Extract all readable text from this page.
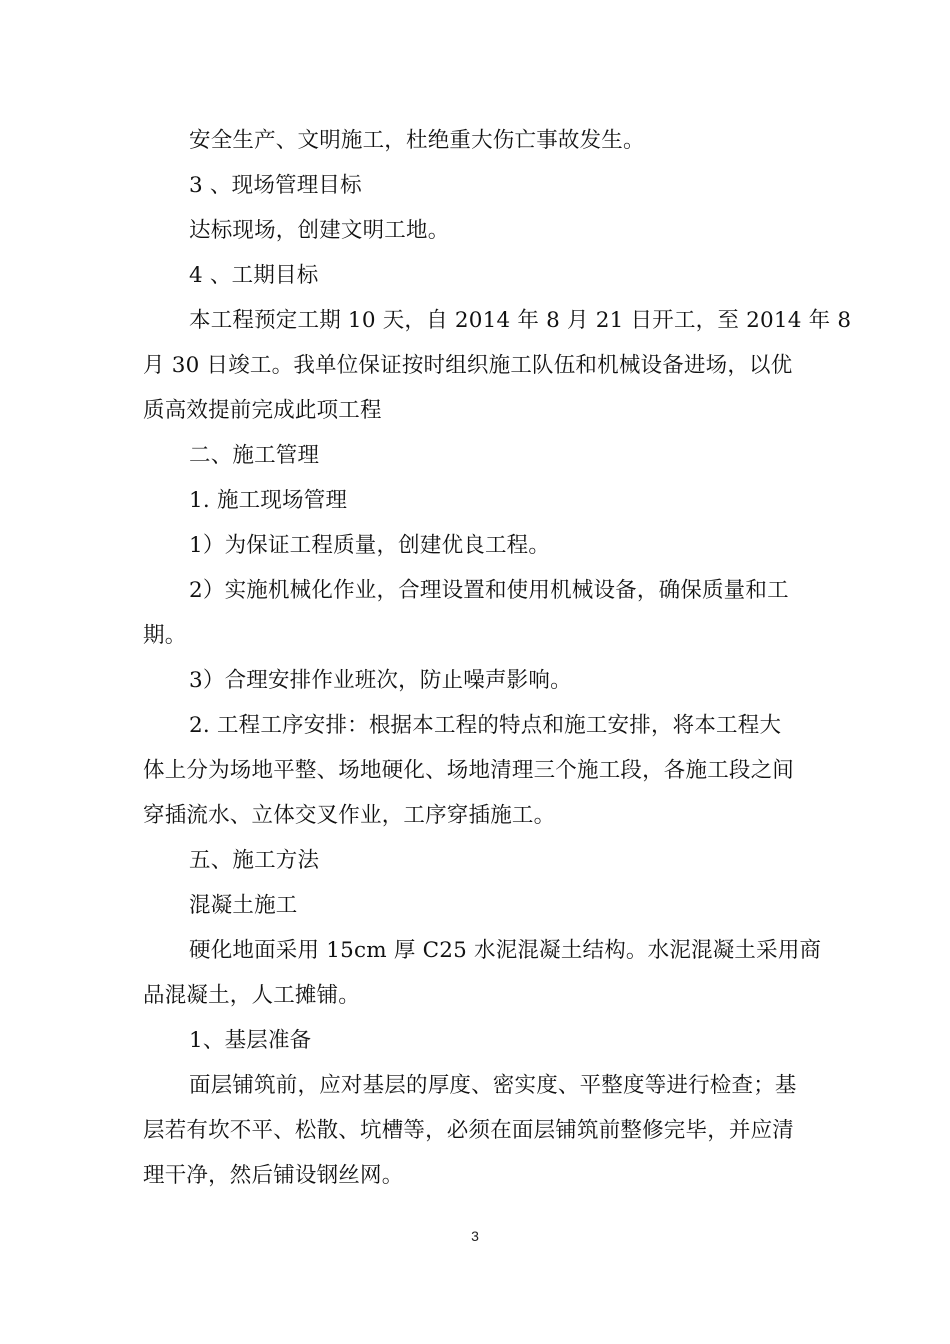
安全生产、文明施工，杜绝重大伤亡事故发生。
3 、现场管理目标
达标现场，创建文明工地。
4 、工期目标
本工程预定工期 10 天，自 2014 年 8 月 21 日开工，至 2014 年 8
月 30 日竣工。我单位保证按时组织施工队伍和机械设备进场，以优
质高效提前完成此项工程
二、施工管理
1. 施工现场管理
1）为保证工程质量，创建优良工程。
2）实施机械化作业，合理设置和使用机械设备，确保质量和工
期。
3）合理安排作业班次，防止噪声影响。
2. 工程工序安排：根据本工程的特点和施工安排，将本工程大
体上分为场地平整、场地硬化、场地清理三个施工段，各施工段之间
穿插流水、立体交叉作业，工序穿插施工。
五、施工方法
混凝土施工
硬化地面采用 15cm 厚 C25 水泥混凝土结构。水泥混凝土采用商
品混凝土，人工摊铺。
1、基层准备
面层铺筑前，应对基层的厚度、密实度、平整度等进行检查；基
层若有坎不平、松散、坑槽等，必须在面层铺筑前整修完毕，并应清
理干净，然后铺设钢丝网。
3
